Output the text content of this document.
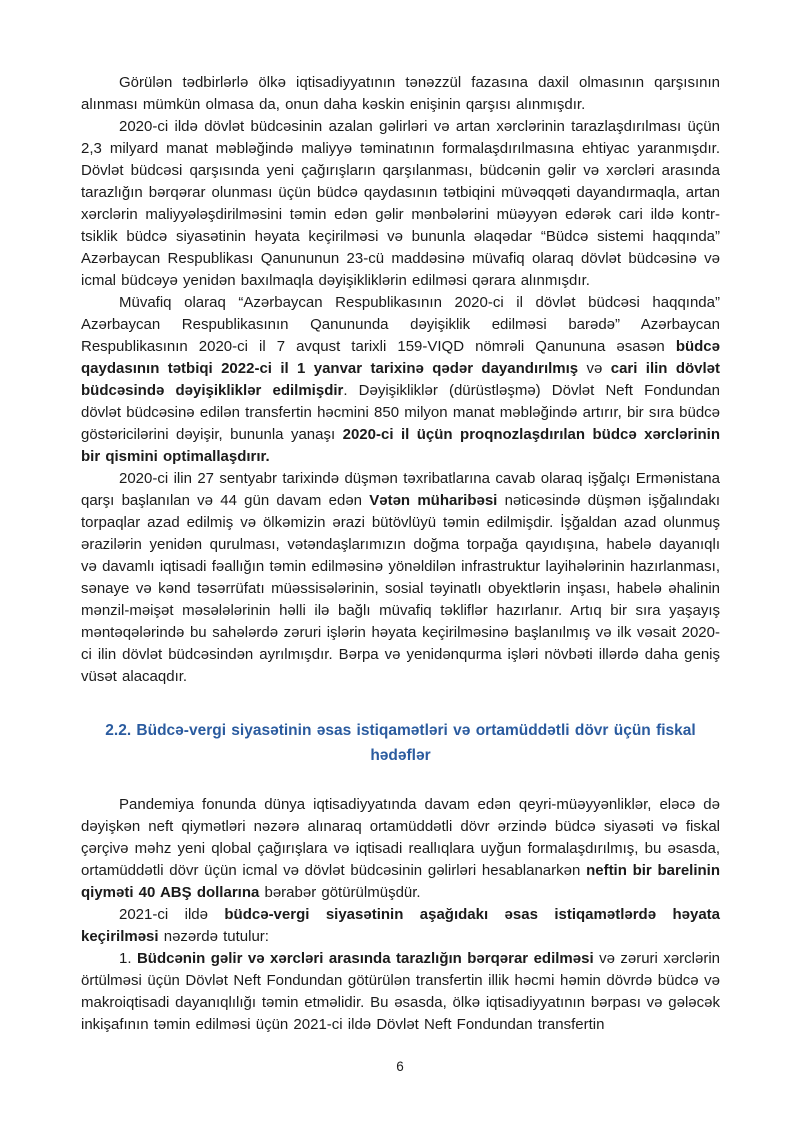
Görülən tədbirlərlə ölkə iqtisadiyyatının tənəzzül fazasına daxil olmasının qarşısının alınması mümkün olmasa da, onun daha kəskin enişinin qarşısı alınmışdır.

2020-ci ildə dövlət büdcəsinin azalan gəlirləri və artan xərclərinin tarazlaşdırılması üçün 2,3 milyard manat məbləğində maliyyə təminatının formalaşdırılmasına ehtiyac yaranmışdır. Dövlət büdcəsi qarşısında yeni çağırışların qarşılanması, büdcənin gəlir və xərcləri arasında tarazlığın bərqərar olunması üçün büdcə qaydasının tətbiqini müvəqqəti dayandırmaqla, artan xərclərin maliyyələşdirilməsini təmin edən gəlir mənbələrini müəyyən edərək cari ildə kontr-tsiklik büdcə siyasətinin həyata keçirilməsi və bununla əlaqədar “Büdcə sistemi haqqında” Azərbaycan Respublikası Qanununun 23-cü maddəsinə müvafiq olaraq dövlət büdcəsinə və icmal büdcəyə yenidən baxılmaqla dəyişikliklərin edilməsi qərara alınmışdır.

Müvafiq olaraq “Azərbaycan Respublikasının 2020-ci il dövlət büdcəsi haqqında” Azərbaycan Respublikasının Qanununda dəyişiklik edilməsi barədə” Azərbaycan Respublikasının 2020-ci il 7 avqust tarixli 159-VIQD nömrəli Qanununa əsasən büdcə qaydasının tətbiqi 2022-ci il 1 yanvar tarixinə qədər dayandırılmış və cari ilin dövlət büdcəsində dəyişikliklər edilmişdir. Dəyişikliklər (dürüstləşmə) Dövlət Neft Fondundan dövlət büdcəsinə edilən transfertin həcmini 850 milyon manat məbləğində artırır, bir sıra büdcə göstəricilərini dəyişir, bununla yanaşı 2020-ci il üçün proqnozlaşdırılan büdcə xərclərinin bir qismini optimallaşdırır.

2020-ci ilin 27 sentyabr tarixində düşmən təxribatlarına cavab olaraq işğalçı Ermənistana qarşı başlanılan və 44 gün davam edən Vətən müharibəsi nəticəsində düşmən işğalındakı torpaqlar azad edilmiş və ölkəmizin ərazi bütövlüyü təmin edilmişdir. İşğaldan azad olunmuş ərazilərin yenidən qurulması, vətəndaşlarımızın doğma torpağa qayıdışına, habelə dayanıqlı və davamlı iqtisadi fəallığın təmin edilməsinə yönəldilən infrastruktur layihələrinin hazırlanması, sənaye və kənd təsərrüfatı müəssisələrinin, sosial təyinatlı obyektlərin inşası, habelə əhalinin mənzil-məişət məsələlərinin həlli ilə bağlı müvafiq təkliflər hazırlanır. Artıq bir sıra yaşayış məntəqələrində bu sahələrdə zəruri işlərin həyata keçirilməsinə başlanılmış və ilk vəsait 2020-ci ilin dövlət büdcəsindən ayrılmışdır. Bərpa və yenidənqurma işləri növbəti illərdə daha geniş vüsət alacaqdır.

2.2. Büdcə-vergi siyasətinin əsas istiqamətləri və ortamüddətli dövr üçün fiskal hədəflər

Pandemiya fonunda dünya iqtisadiyyatında davam edən qeyri-müəyyənliklər, eləcə də dəyişkən neft qiymətləri nəzərə alınaraq ortamüddətli dövr ərzində büdcə siyasəti və fiskal çərçivə məhz yeni qlobal çağırışlara və iqtisadi reallıqlara uyğun formalaşdırılmış, bu əsasda, ortamüddətli dövr üçün icmal və dövlət büdcəsinin gəlirləri hesablanarkən neftin bir barelinin qiyməti 40 ABŞ dollarına bərabər götürülmüşdür.

2021-ci ildə büdcə-vergi siyasətinin aşağıdakı əsas istiqamətlərdə həyata keçirilməsi nəzərdə tutulur:

1. Büdcənin gəlir və xərcləri arasında tarazlığın bərqərar edilməsi və zəruri xərclərin örtülməsi üçün Dövlət Neft Fondundan götürülən transfertin illik həcmi həmin dövrdə büdcə və makroiqtisadi dayanıqlılığı təmin etməlidir. Bu əsasda, ölkə iqtisadiyyatının bərpası və gələcək inkişafının təmin edilməsi üçün 2021-ci ildə Dövlət Neft Fondundan transfertin

6
